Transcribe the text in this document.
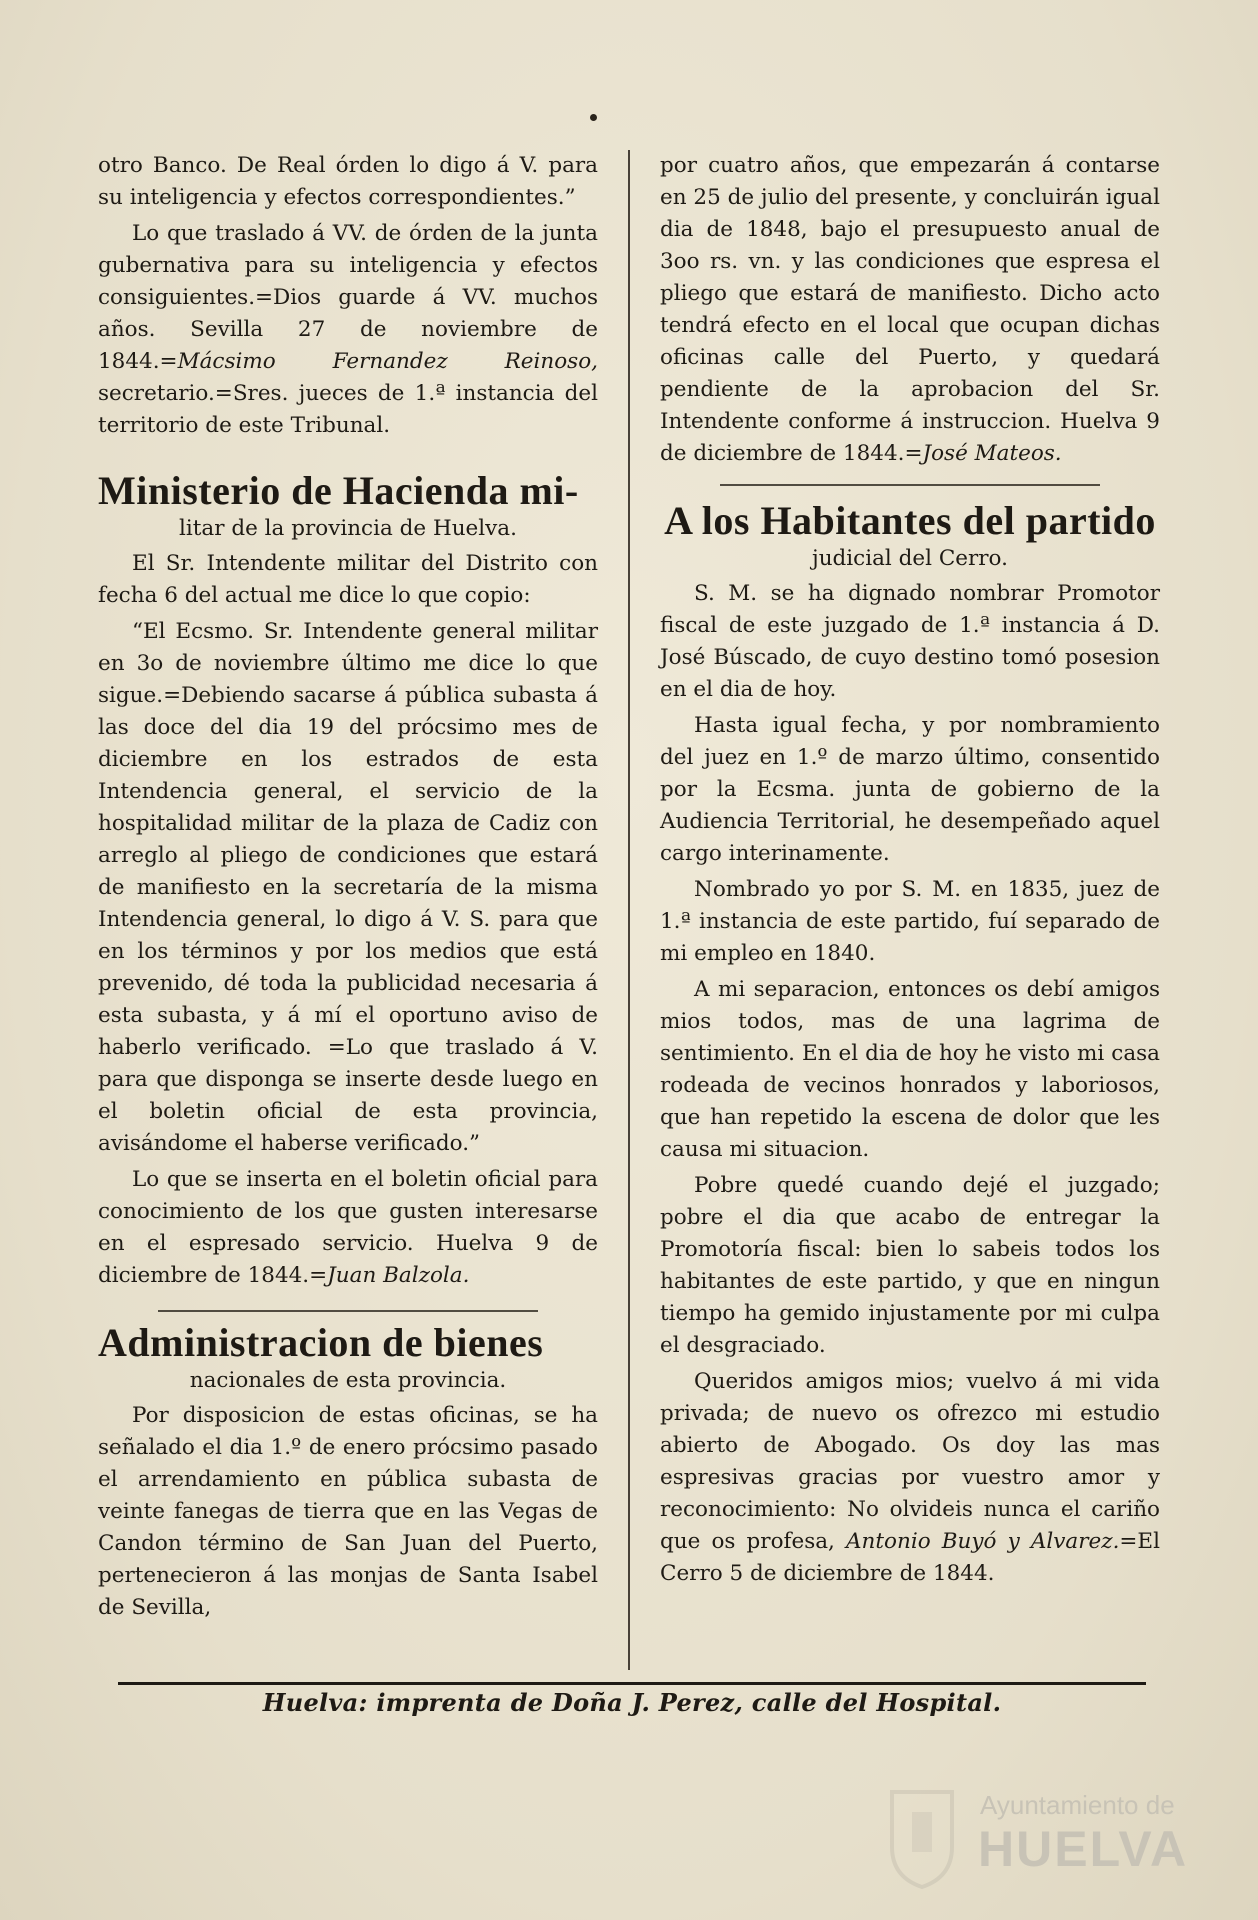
otro Banco. De Real órden lo digo á V. para su inteligencia y efectos correspondientes.”

Lo que traslado á VV. de órden de la junta gubernativa para su inteligencia y efectos consiguientes.=Dios guarde á VV. muchos años. Sevilla 27 de noviembre de 1844.=Mácsimo Fernandez Reinoso, secretario.=Sres. jueces de 1.ª instancia del territorio de este Tribunal.

Ministerio de Hacienda mi-
litar de la provincia de Huelva.

El Sr. Intendente militar del Distrito con fecha 6 del actual me dice lo que copio:

“El Ecsmo. Sr. Intendente general militar en 3o de noviembre último me dice lo que sigue.=Debiendo sacarse á pública subasta á las doce del dia 19 del prócsimo mes de diciembre en los estrados de esta Intendencia general, el servicio de la hospitalidad militar de la plaza de Cadiz con arreglo al pliego de condiciones que estará de manifiesto en la secretaría de la misma Intendencia general, lo digo á V. S. para que en los términos y por los medios que está prevenido, dé toda la publicidad necesaria á esta subasta, y á mí el oportuno aviso de haberlo verificado. =Lo que traslado á V. para que disponga se inserte desde luego en el boletin oficial de esta provincia, avisándome el haberse verificado.”

Lo que se inserta en el boletin oficial para conocimiento de los que gusten interesarse en el espresado servicio. Huelva 9 de diciembre de 1844.=Juan Balzola.

Administracion de bienes
nacionales de esta provincia.

Por disposicion de estas oficinas, se ha señalado el dia 1.º de enero prócsimo pasado el arrendamiento en pública subasta de veinte fanegas de tierra que en las Vegas de Candon término de San Juan del Puerto, pertenecieron á las monjas de Santa Isabel de Sevilla,

por cuatro años, que empezarán á contarse en 25 de julio del presente, y concluirán igual dia de 1848, bajo el presupuesto anual de 3oo rs. vn. y las condiciones que espresa el pliego que estará de manifiesto. Dicho acto tendrá efecto en el local que ocupan dichas oficinas calle del Puerto, y quedará pendiente de la aprobacion del Sr. Intendente conforme á instruccion. Huelva 9 de diciembre de 1844.=José Mateos.

A los Habitantes del partido
judicial del Cerro.

S. M. se ha dignado nombrar Promotor fiscal de este juzgado de 1.ª instancia á D. José Búscado, de cuyo destino tomó posesion en el dia de hoy.

Hasta igual fecha, y por nombramiento del juez en 1.º de marzo último, consentido por la Ecsma. junta de gobierno de la Audiencia Territorial, he desempeñado aquel cargo interinamente.

Nombrado yo por S. M. en 1835, juez de 1.ª instancia de este partido, fuí separado de mi empleo en 1840.

A mi separacion, entonces os debí amigos mios todos, mas de una lagrima de sentimiento. En el dia de hoy he visto mi casa rodeada de vecinos honrados y laboriosos, que han repetido la escena de dolor que les causa mi situacion.

Pobre quedé cuando dejé el juzgado; pobre el dia que acabo de entregar la Promotoría fiscal: bien lo sabeis todos los habitantes de este partido, y que en ningun tiempo ha gemido injustamente por mi culpa el desgraciado.

Queridos amigos mios; vuelvo á mi vida privada; de nuevo os ofrezco mi estudio abierto de Abogado. Os doy las mas espresivas gracias por vuestro amor y reconocimiento: No olvideis nunca el cariño que os profesa, Antonio Buyó y Alvarez.=El Cerro 5 de diciembre de 1844.

Huelva: imprenta de Doña J. Perez, calle del Hospital.
Ayuntamiento de
HUELVA
